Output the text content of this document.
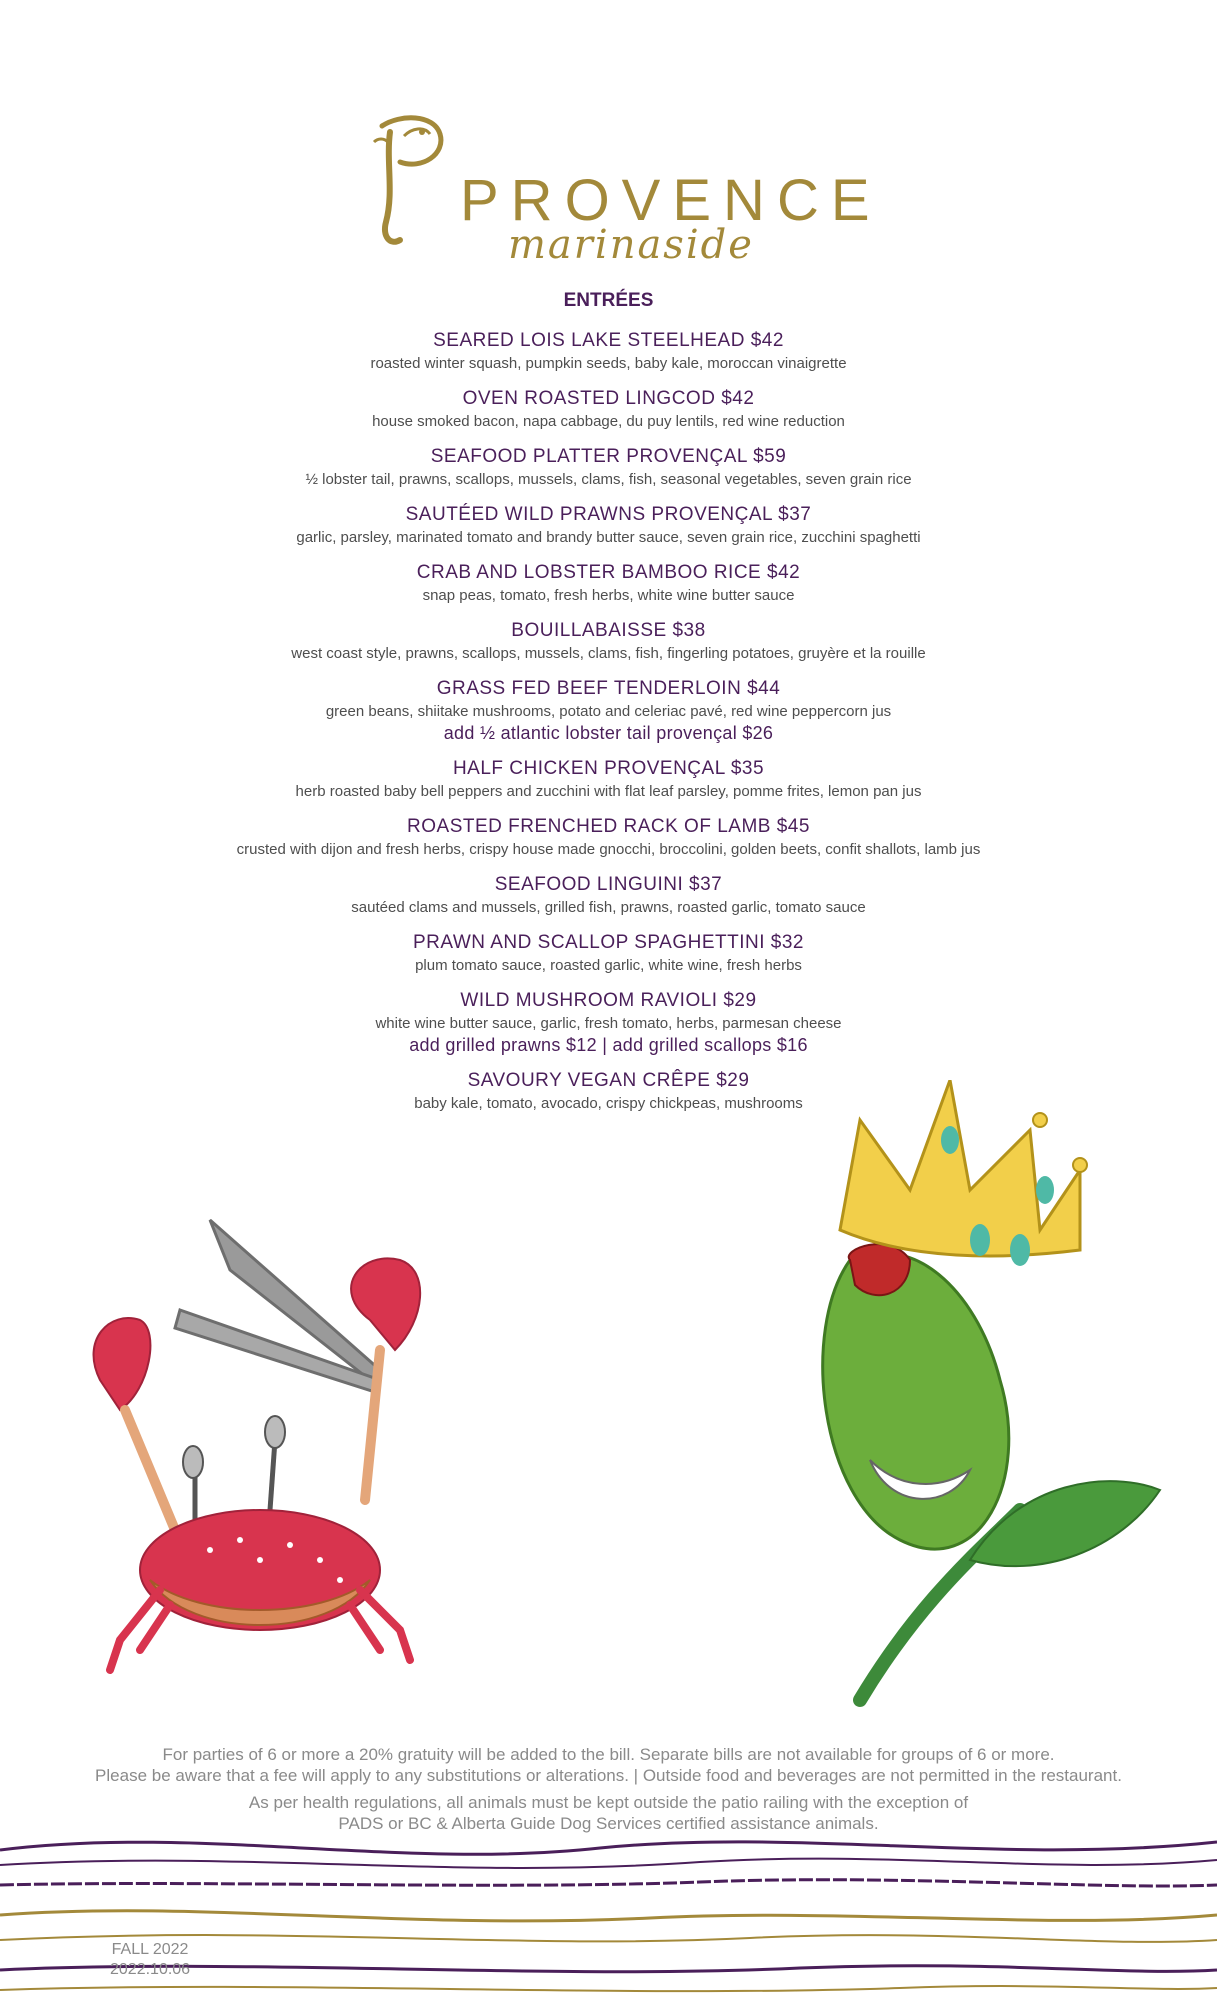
PROVENCE
marinaside
ENTRÉES
SEARED LOIS LAKE STEELHEAD $42
roasted winter squash, pumpkin seeds, baby kale, moroccan vinaigrette
OVEN ROASTED LINGCOD $42
house smoked bacon, napa cabbage, du puy lentils, red wine reduction
SEAFOOD PLATTER PROVENÇAL $59
½ lobster tail, prawns, scallops, mussels, clams, fish, seasonal vegetables, seven grain rice
SAUTÉED WILD PRAWNS PROVENÇAL $37
garlic, parsley, marinated tomato and brandy butter sauce, seven grain rice, zucchini spaghetti
CRAB AND LOBSTER BAMBOO RICE $42
snap peas, tomato, fresh herbs, white wine butter sauce
BOUILLABAISSE $38
west coast style, prawns, scallops, mussels, clams, fish, fingerling potatoes, gruyère et la rouille
GRASS FED BEEF TENDERLOIN $44
green beans, shiitake mushrooms, potato and celeriac pavé, red wine peppercorn jus
add ½ atlantic lobster tail provençal $26
HALF CHICKEN PROVENÇAL $35
herb roasted baby bell peppers and zucchini with flat leaf parsley, pomme frites, lemon pan jus
ROASTED FRENCHED RACK OF LAMB $45
crusted with dijon and fresh herbs, crispy house made gnocchi, broccolini, golden beets, confit shallots, lamb jus
SEAFOOD LINGUINI $37
sautéed clams and mussels, grilled fish, prawns, roasted garlic, tomato sauce
PRAWN AND SCALLOP SPAGHETTINI $32
plum tomato sauce, roasted garlic, white wine, fresh herbs
WILD MUSHROOM RAVIOLI $29
white wine butter sauce, garlic, fresh tomato, herbs, parmesan cheese
add grilled prawns $12 | add grilled scallops $16
SAVOURY VEGAN CRÊPE $29
baby kale, tomato, avocado, crispy chickpeas, mushrooms

For parties of 6 or more a 20% gratuity will be added to the bill. Separate bills are not available for groups of 6 or more.

Please be aware that a fee will apply to any substitutions or alterations. | Outside food and beverages are not permitted in the restaurant.

As per health regulations, all animals must be kept outside the patio railing with the exception of

PADS or BC & Alberta Guide Dog Services certified assistance animals.

FALL 2022
2022.10.06
